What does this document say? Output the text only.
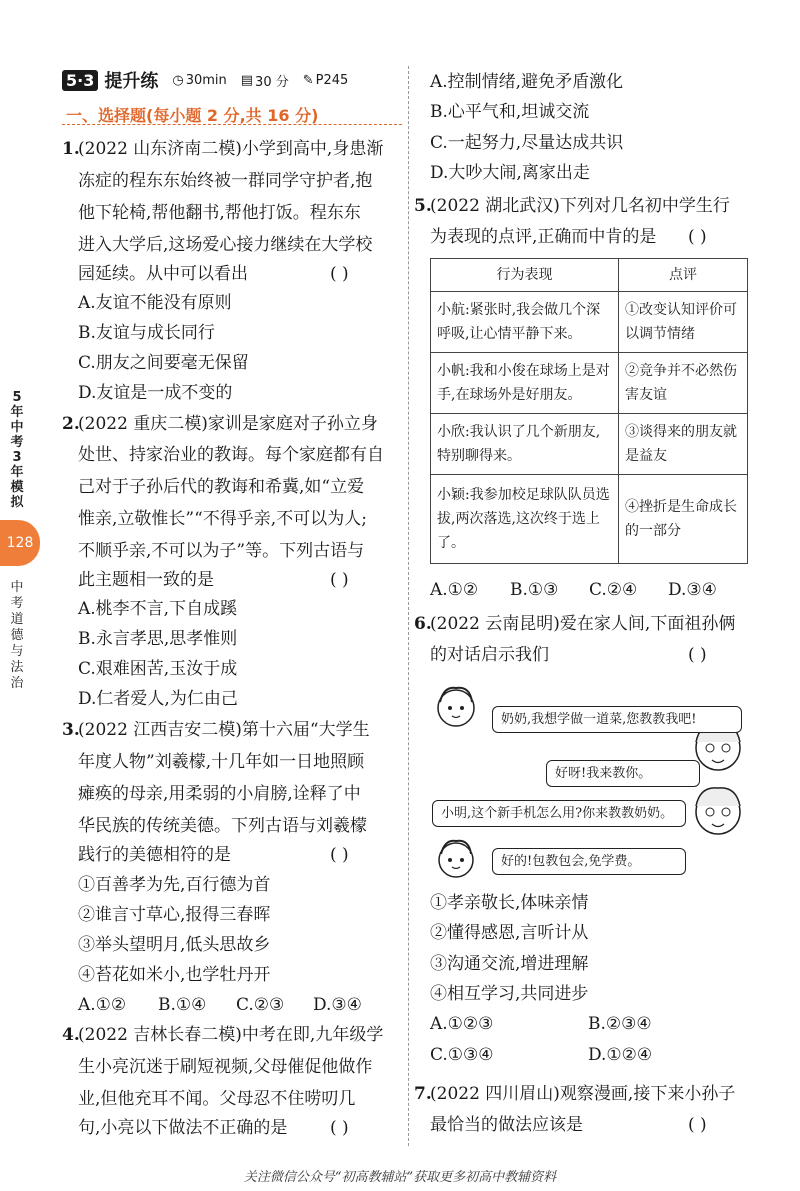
5·3 提升练 ◷ 30min ▤ 30 分 ✎ P245
一、选择题(每小题 2 分,共 16 分)
5年中考3年模拟
128
中考道德与法治
1.
(2022 山东济南二模)小学到高中,身患渐
冻症的程东东始终被一群同学守护者,抱
他下轮椅,帮他翻书,帮他打饭。程东东
进入大学后,这场爱心接力继续在大学校
园延续。从中可以看出	( )
A.友谊不能没有原则
B.友谊与成长同行
C.朋友之间要毫无保留
D.友谊是一成不变的
2.
(2022 重庆二模)家训是家庭对子孙立身
处世、持家治业的教诲。每个家庭都有自
己对于子孙后代的教诲和希冀,如“立爱
惟亲,立敬惟长”“不得乎亲,不可以为人;
不顺乎亲,不可以为子”等。下列古语与
此主题相一致的是	( )
A.桃李不言,下自成蹊
B.永言孝思,思孝惟则
C.艰难困苦,玉汝于成
D.仁者爱人,为仁由己
3.
(2022 江西吉安二模)第十六届“大学生
年度人物”刘羲檬,十几年如一日地照顾
瘫痪的母亲,用柔弱的小肩膀,诠释了中
华民族的传统美德。下列古语与刘羲檬
践行的美德相符的是	( )
①百善孝为先,百行德为首
②谁言寸草心,报得三春晖
③举头望明月,低头思故乡
④苔花如米小,也学牡丹开
A.①② B.①④ C.②③ D.③④
4.
(2022 吉林长春二模)中考在即,九年级学
生小亮沉迷于刷短视频,父母催促他做作
业,但他充耳不闻。父母忍不住唠叨几
句,小亮以下做法不正确的是	( )
A.控制情绪,避免矛盾激化
B.心平气和,坦诚交流
C.一起努力,尽量达成共识
D.大吵大闹,离家出走
5.
(2022 湖北武汉)下列对几名初中学生行
为表现的点评,正确而中肯的是 ( )
行为表现	点评
小航:紧张时,我会做几个深呼吸,让心情平静下来。	①改变认知评价可以调节情绪
小帆:我和小俊在球场上是对手,在球场外是好朋友。	②竞争并不必然伤害友谊
小欣:我认识了几个新朋友,特别聊得来。	③谈得来的朋友就是益友
小颖:我参加校足球队队员选拔,两次落选,这次终于选上了。	④挫折是生命成长的一部分
A.①② B.①③ C.②④ D.③④
6.
(2022 云南昆明)爱在家人间,下面祖孙俩
的对话启示我们	( )
奶奶,我想学做一道菜,您教教我吧!
好呀!我来教你。
小明,这个新手机怎么用?你来教教奶奶。
好的!包教包会,免学费。
①孝亲敬长,体味亲情
②懂得感恩,言听计从
③沟通交流,增进理解
④相互学习,共同进步
A.①②③	B.②③④
C.①③④	D.①②④
7.
(2022 四川眉山)观察漫画,接下来小孙子
最恰当的做法应该是	( )
关注微信公众号“初高教辅站”获取更多初高中教辅资料
